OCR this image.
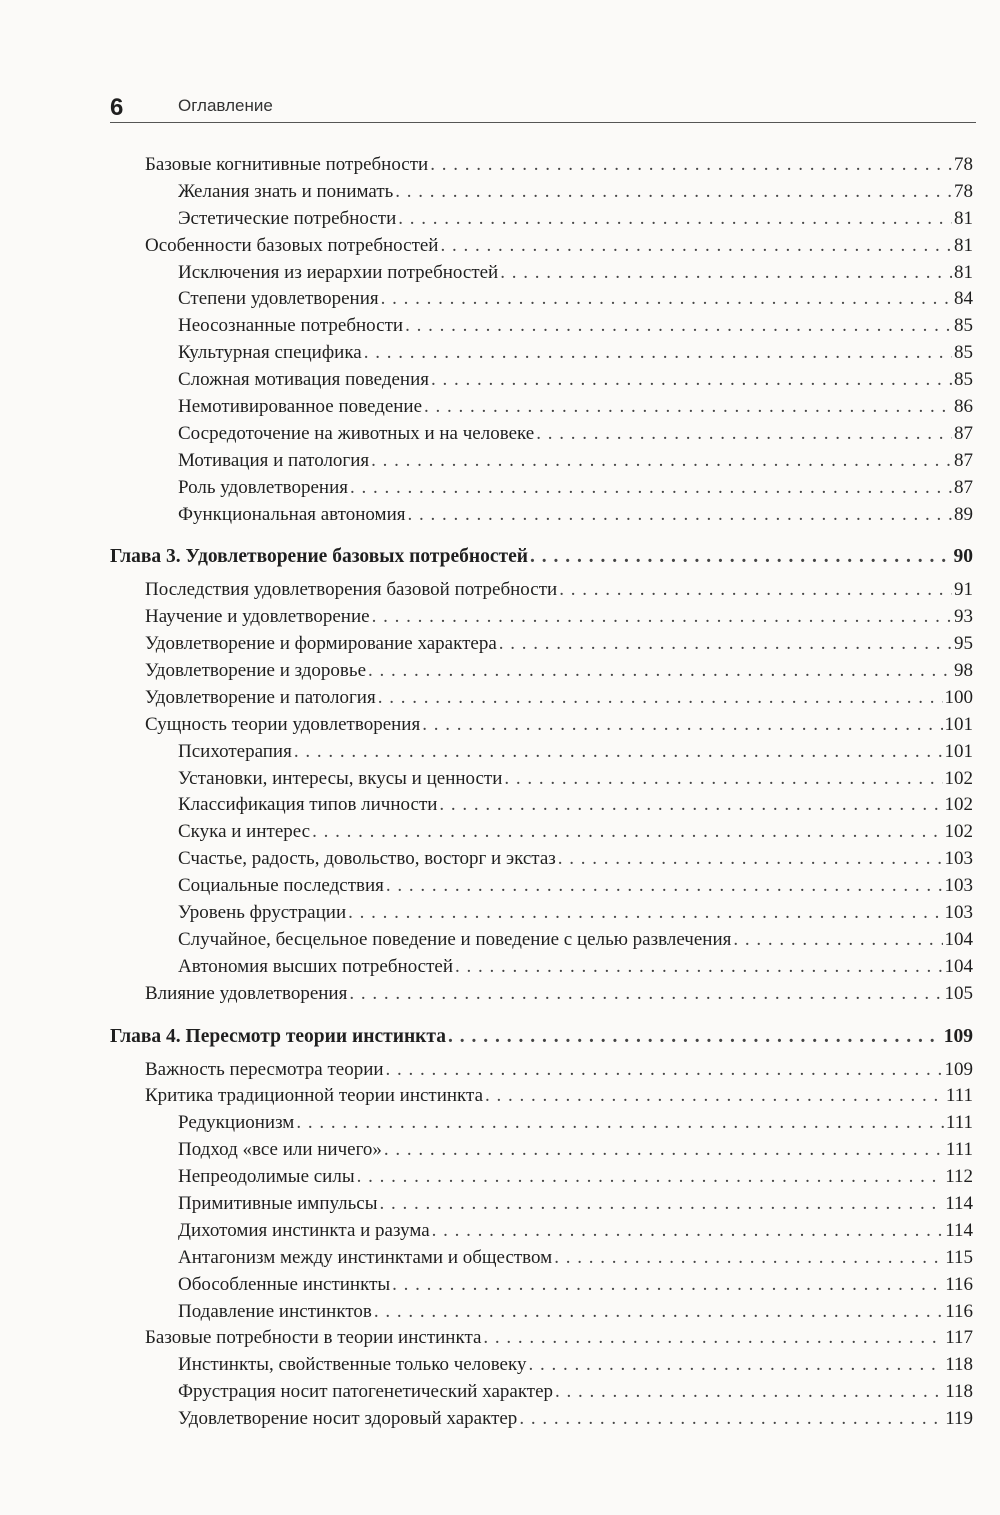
6	Оглавление
Базовые когнитивные потребности . . .	78
Желания знать и понимать . . .	78
Эстетические потребности . . .	81
Особенности базовых потребностей . . .	81
Исключения из иерархии потребностей . . .	81
Степени удовлетворения . . .	84
Неосознанные потребности . . .	85
Культурная специфика . . .	85
Сложная мотивация поведения . . .	85
Немотивированное поведение . . .	86
Сосредоточение на животных и на человеке . . .	87
Мотивация и патология . . .	87
Роль удовлетворения . . .	87
Функциональная автономия . . .	89
Глава 3. Удовлетворение базовых потребностей . . .	90
Последствия удовлетворения базовой потребности . . .	91
Научение и удовлетворение . . .	93
Удовлетворение и формирование характера . . .	95
Удовлетворение и здоровье . . .	98
Удовлетворение и патология . . .	100
Сущность теории удовлетворения . . .	101
Психотерапия . . .	101
Установки, интересы, вкусы и ценности . . .	102
Классификация типов личности . . .	102
Скука и интерес . . .	102
Счастье, радость, довольство, восторг и экстаз . . .	103
Социальные последствия . . .	103
Уровень фрустрации . . .	103
Случайное, бесцельное поведение и поведение с целью развлечения . . .	104
Автономия высших потребностей . . .	104
Влияние удовлетворения . . .	105
Глава 4. Пересмотр теории инстинкта . . .	109
Важность пересмотра теории . . .	109
Критика традиционной теории инстинкта . . .	111
Редукционизм . . .	111
Подход «все или ничего» . . .	111
Непреодолимые силы . . .	112
Примитивные импульсы . . .	114
Дихотомия инстинкта и разума . . .	114
Антагонизм между инстинктами и обществом . . .	115
Обособленные инстинкты . . .	116
Подавление инстинктов . . .	116
Базовые потребности в теории инстинкта . . .	117
Инстинкты, свойственные только человеку . . .	118
Фрустрация носит патогенетический характер . . .	118
Удовлетворение носит здоровый характер . . .	119
